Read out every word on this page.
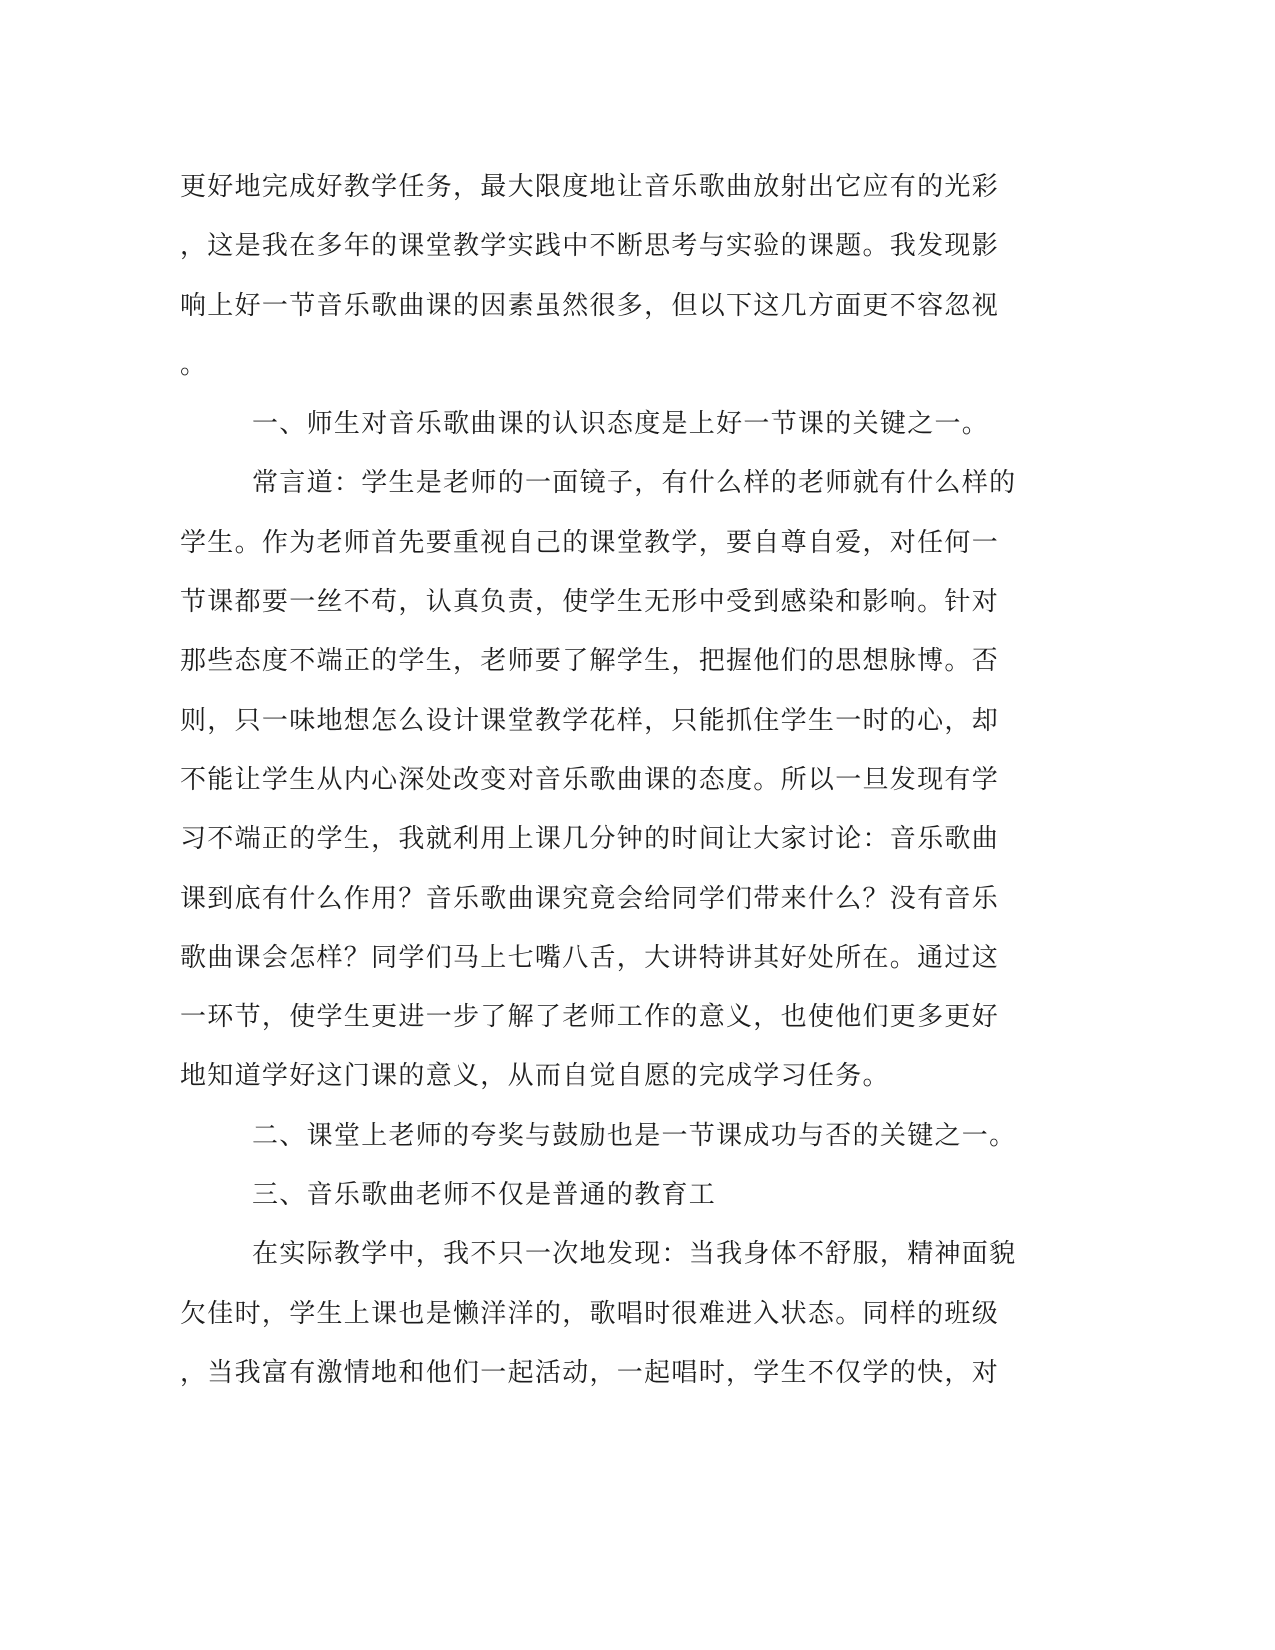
更好地完成好教学任务，最大限度地让音乐歌曲放射出它应有的光彩
，这是我在多年的课堂教学实践中不断思考与实验的课题。我发现影
响上好一节音乐歌曲课的因素虽然很多，但以下这几方面更不容忽视
。
一、师生对音乐歌曲课的认识态度是上好一节课的关键之一。
常言道：学生是老师的一面镜子，有什么样的老师就有什么样的
学生。作为老师首先要重视自己的课堂教学，要自尊自爱，对任何一
节课都要一丝不苟，认真负责，使学生无形中受到感染和影响。针对
那些态度不端正的学生，老师要了解学生，把握他们的思想脉博。否
则，只一味地想怎么设计课堂教学花样，只能抓住学生一时的心，却
不能让学生从内心深处改变对音乐歌曲课的态度。所以一旦发现有学
习不端正的学生，我就利用上课几分钟的时间让大家讨论：音乐歌曲
课到底有什么作用？音乐歌曲课究竟会给同学们带来什么？没有音乐
歌曲课会怎样？同学们马上七嘴八舌，大讲特讲其好处所在。通过这
一环节，使学生更进一步了解了老师工作的意义，也使他们更多更好
地知道学好这门课的意义，从而自觉自愿的完成学习任务。
二、课堂上老师的夸奖与鼓励也是一节课成功与否的关键之一。
三、音乐歌曲老师不仅是普通的教育工
在实际教学中，我不只一次地发现：当我身体不舒服，精神面貌
欠佳时，学生上课也是懒洋洋的，歌唱时很难进入状态。同样的班级
，当我富有激情地和他们一起活动，一起唱时，学生不仅学的快，对
